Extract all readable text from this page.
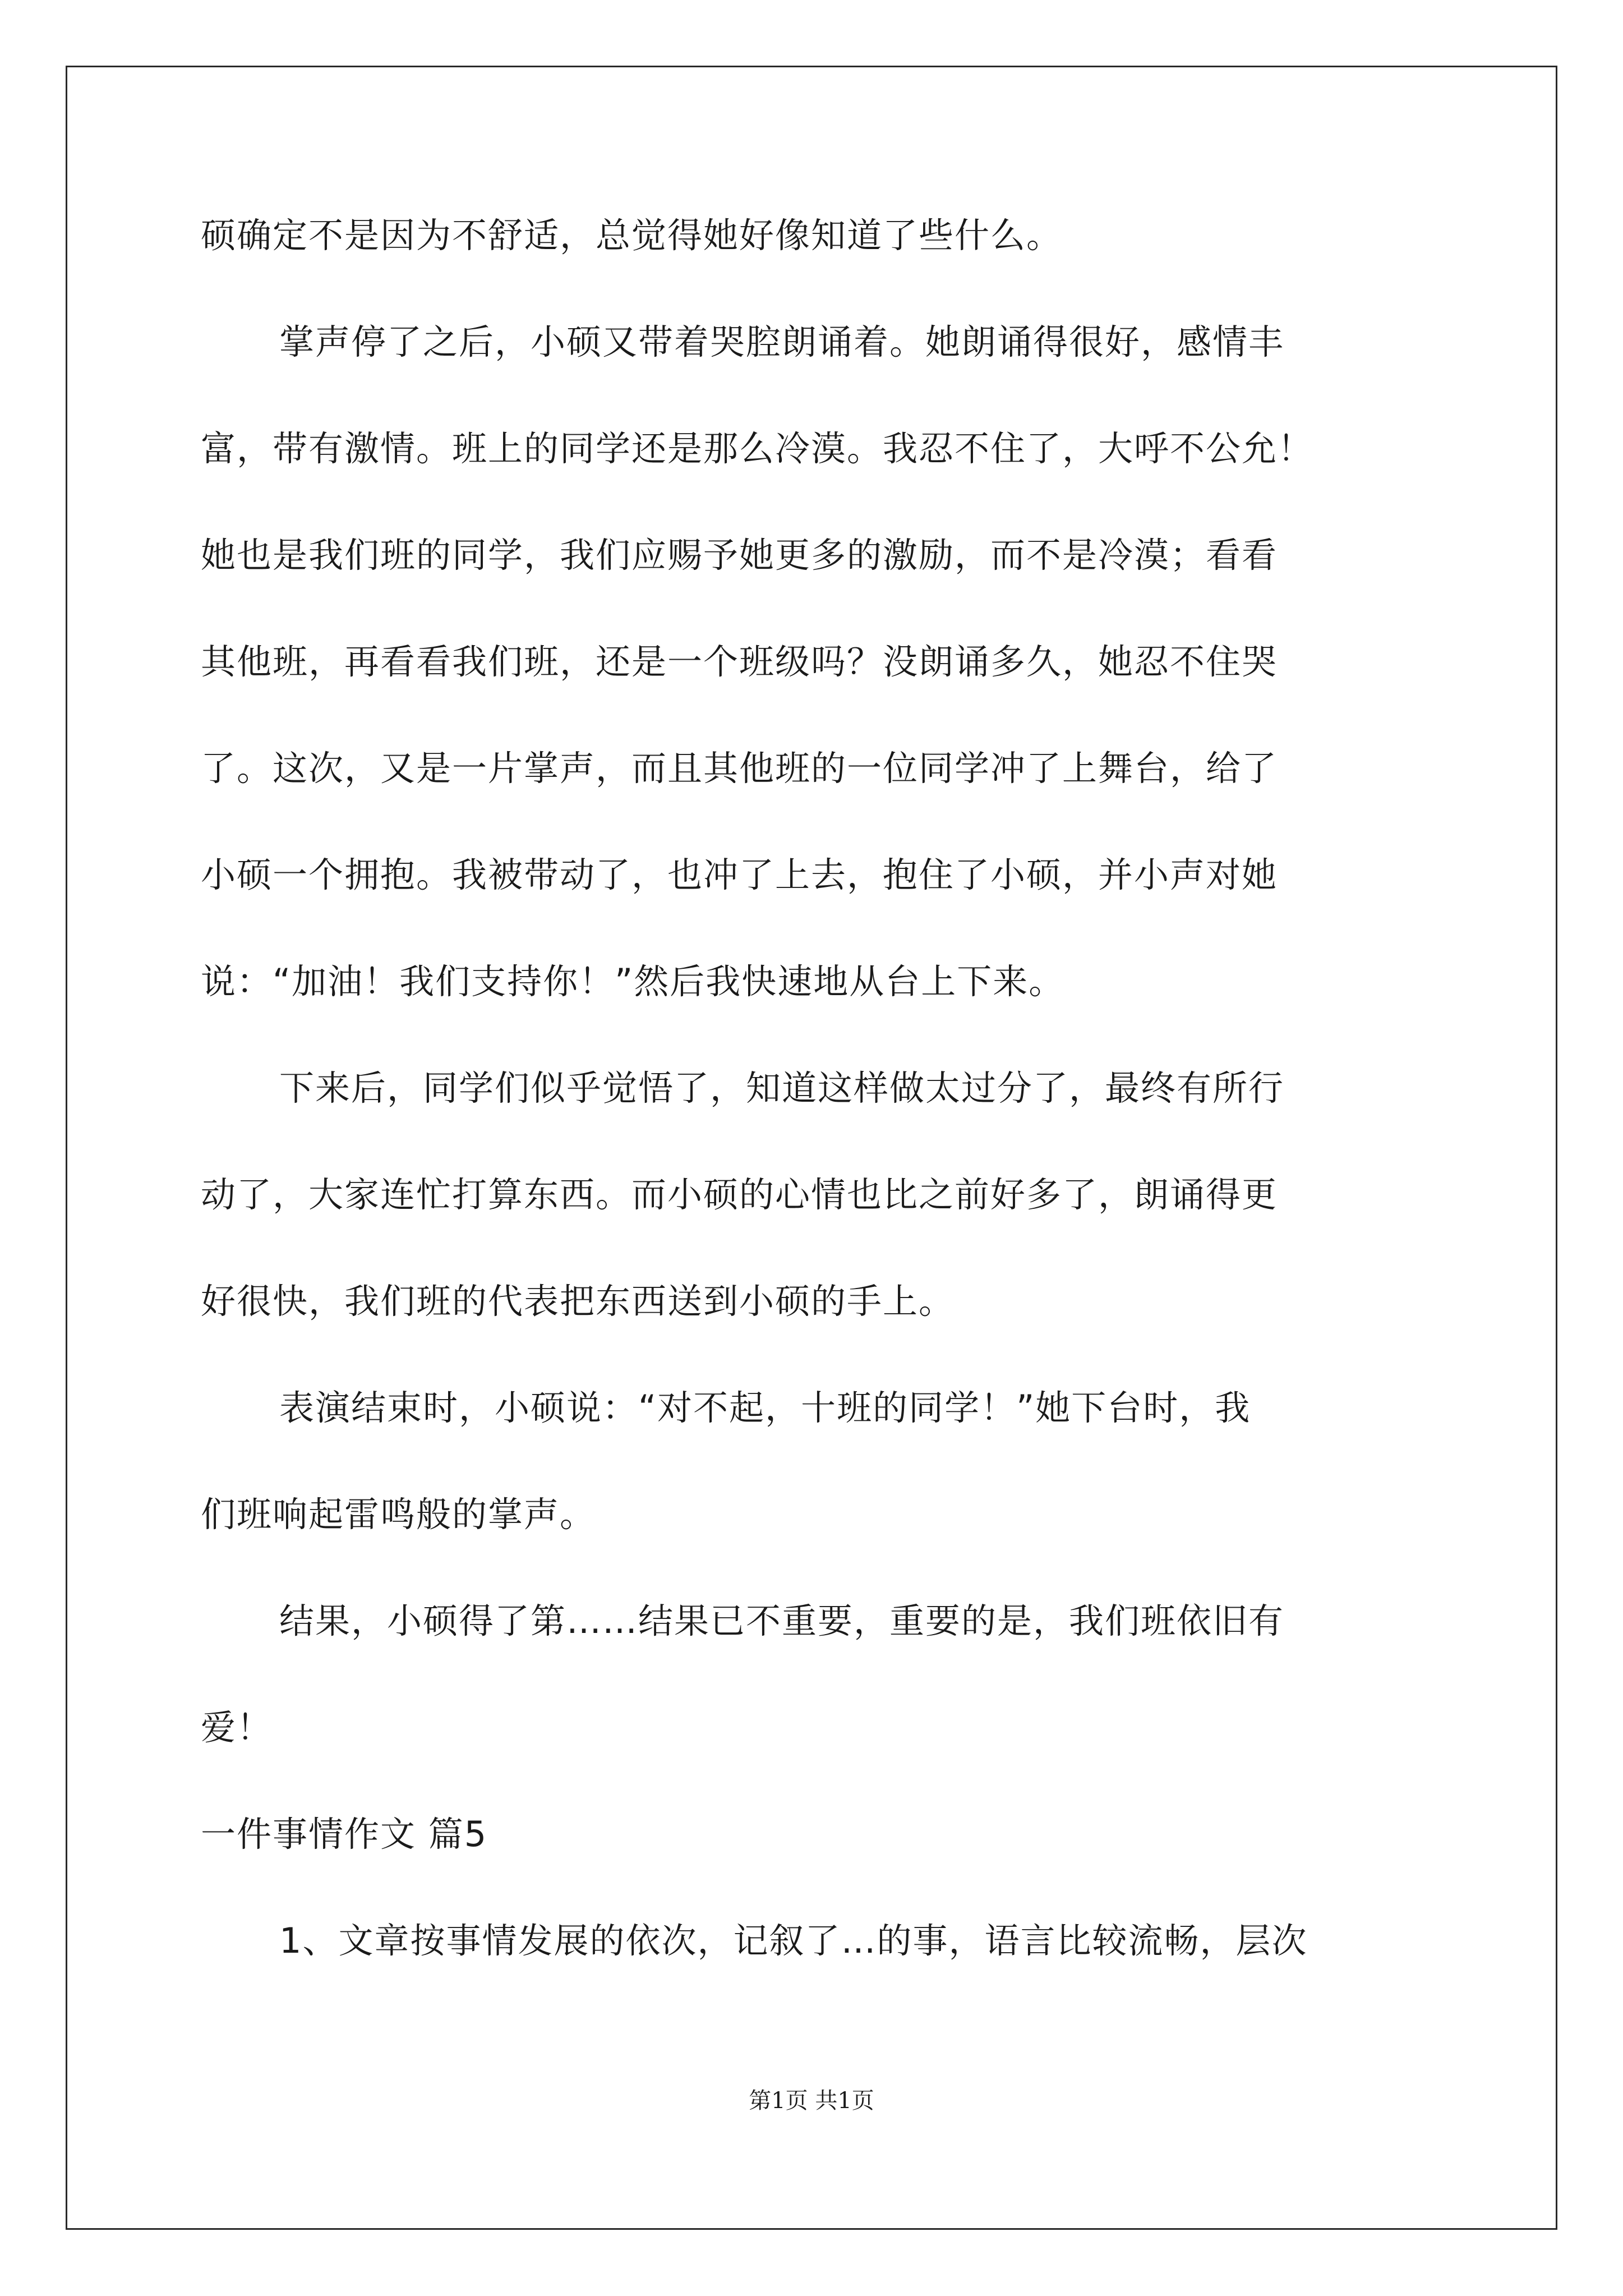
硕确定不是因为不舒适，总觉得她好像知道了些什么。
掌声停了之后，小硕又带着哭腔朗诵着。她朗诵得很好，感情丰
富，带有激情。班上的同学还是那么冷漠。我忍不住了，大呼不公允！
她也是我们班的同学，我们应赐予她更多的激励，而不是冷漠；看看
其他班，再看看我们班，还是一个班级吗？没朗诵多久，她忍不住哭
了。这次，又是一片掌声，而且其他班的一位同学冲了上舞台，给了
小硕一个拥抱。我被带动了，也冲了上去，抱住了小硕，并小声对她
说：“加油！我们支持你！”然后我快速地从台上下来。
下来后，同学们似乎觉悟了，知道这样做太过分了，最终有所行
动了，大家连忙打算东西。而小硕的心情也比之前好多了，朗诵得更
好很快，我们班的代表把东西送到小硕的手上。
表演结束时，小硕说：“对不起，十班的同学！”她下台时，我
们班响起雷鸣般的掌声。
结果，小硕得了第……结果已不重要，重要的是，我们班依旧有
爱！
一件事情作文 篇5
1、文章按事情发展的依次，记叙了…的事，语言比较流畅，层次
第1页 共1页
